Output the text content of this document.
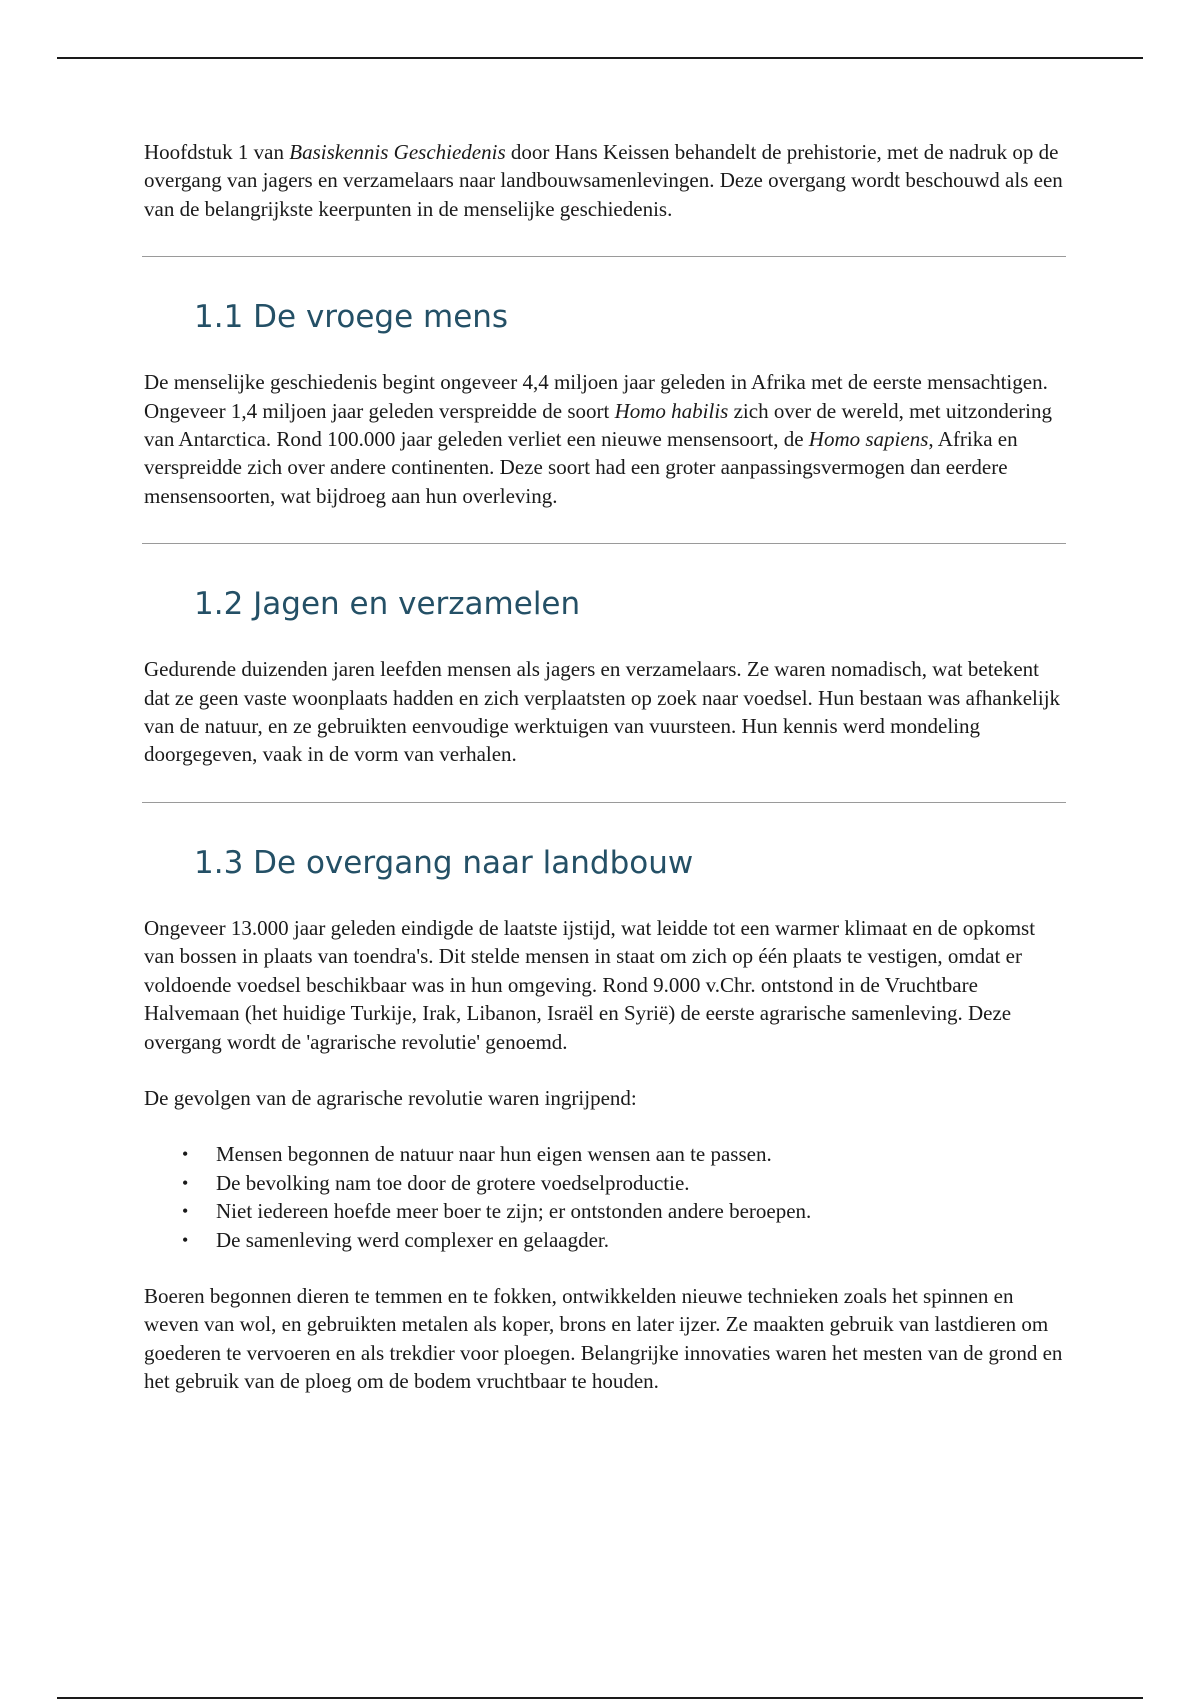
Hoofdstuk 1 van Basiskennis Geschiedenis door Hans Keissen behandelt de prehistorie, met de nadruk op de overgang van jagers en verzamelaars naar landbouwsamenlevingen. Deze overgang wordt beschouwd als een van de belangrijkste keerpunten in de menselijke geschiedenis.

1.1 De vroege mens

De menselijke geschiedenis begint ongeveer 4,4 miljoen jaar geleden in Afrika met de eerste mensachtigen. Ongeveer 1,4 miljoen jaar geleden verspreidde de soort Homo habilis zich over de wereld, met uitzondering van Antarctica. Rond 100.000 jaar geleden verliet een nieuwe mensensoort, de Homo sapiens, Afrika en verspreidde zich over andere continenten. Deze soort had een groter aanpassingsvermogen dan eerdere mensensoorten, wat bijdroeg aan hun overleving.

1.2 Jagen en verzamelen

Gedurende duizenden jaren leefden mensen als jagers en verzamelaars. Ze waren nomadisch, wat betekent dat ze geen vaste woonplaats hadden en zich verplaatsten op zoek naar voedsel. Hun bestaan was afhankelijk van de natuur, en ze gebruikten eenvoudige werktuigen van vuursteen. Hun kennis werd mondeling doorgegeven, vaak in de vorm van verhalen.

1.3 De overgang naar landbouw

Ongeveer 13.000 jaar geleden eindigde de laatste ijstijd, wat leidde tot een warmer klimaat en de opkomst van bossen in plaats van toendra's. Dit stelde mensen in staat om zich op één plaats te vestigen, omdat er voldoende voedsel beschikbaar was in hun omgeving. Rond 9.000 v.Chr. ontstond in de Vruchtbare Halvemaan (het huidige Turkije, Irak, Libanon, Israël en Syrië) de eerste agrarische samenleving. Deze overgang wordt de 'agrarische revolutie' genoemd.

De gevolgen van de agrarische revolutie waren ingrijpend:

• Mensen begonnen de natuur naar hun eigen wensen aan te passen.
• De bevolking nam toe door de grotere voedselproductie.
• Niet iedereen hoefde meer boer te zijn; er ontstonden andere beroepen.
• De samenleving werd complexer en gelaagder.

Boeren begonnen dieren te temmen en te fokken, ontwikkelden nieuwe technieken zoals het spinnen en weven van wol, en gebruikten metalen als koper, brons en later ijzer. Ze maakten gebruik van lastdieren om goederen te vervoeren en als trekdier voor ploegen. Belangrijke innovaties waren het mesten van de grond en het gebruik van de ploeg om de bodem vruchtbaar te houden.
